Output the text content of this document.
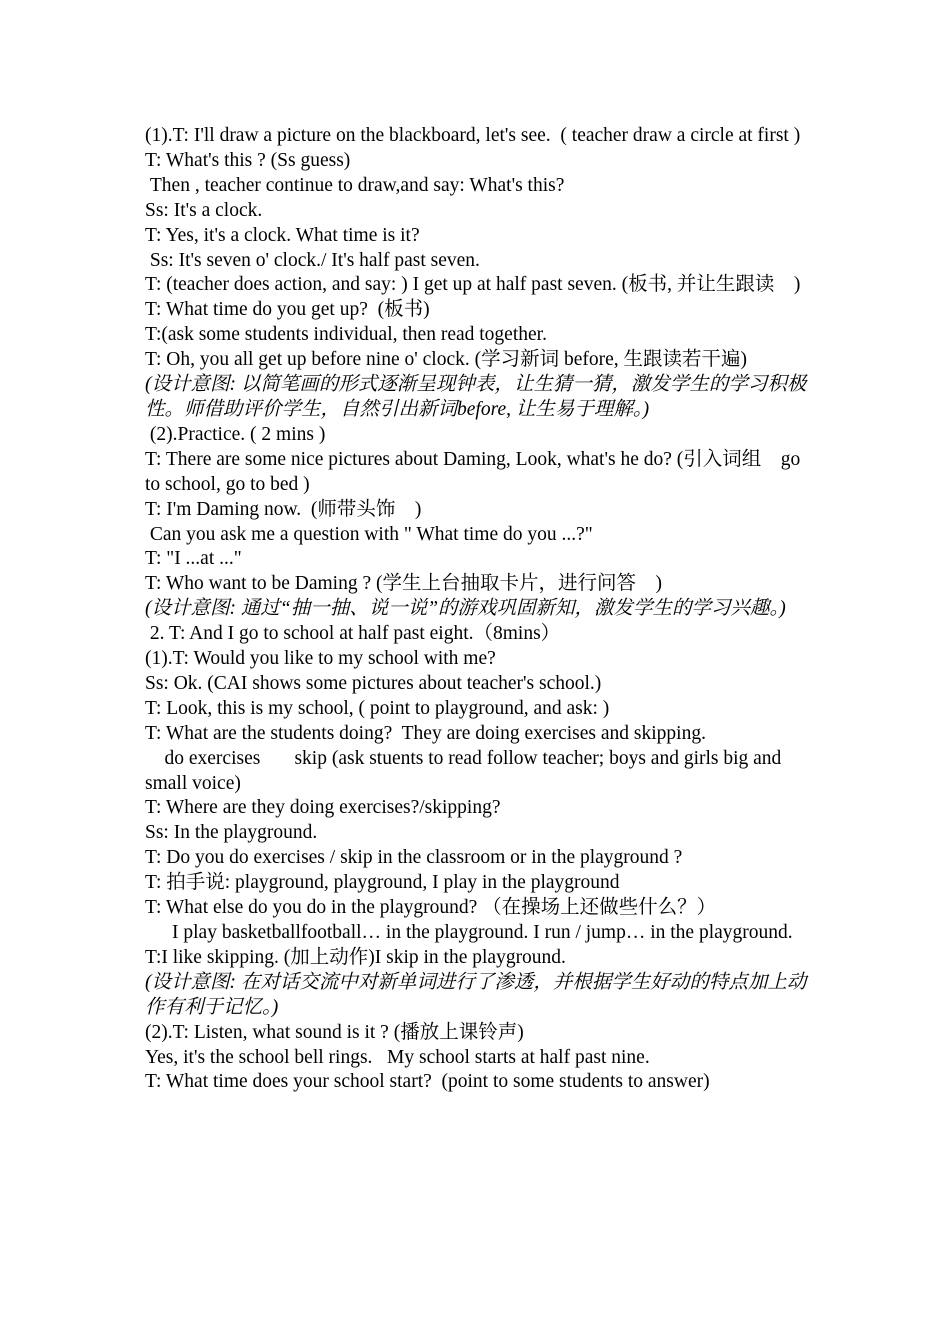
(1).T: I'll draw a picture on the blackboard, let's see.  ( teacher draw a circle at first )
T: What's this ? (Ss guess)
Then , teacher continue to draw,and say: What's this?
Ss: It's a clock.
T: Yes, it's a clock. What time is it?
Ss: It's seven o' clock./ It's half past seven.
T: (teacher does action, and say: ) I get up at half past seven. (板书, 并让生跟读    )
T: What time do you get up?  (板书)
T:(ask some students individual, then read together.
T: Oh, you all get up before nine o' clock. (学习新词 before, 生跟读若干遍)
(设计意图: 以简笔画的形式逐渐呈现钟表，让生猜一猜，激发学生的学习积极性。师借助评价学生，自然引出新词before, 让生易于理解。)
(2).Practice. ( 2 mins )
T: There are some nice pictures about Daming, Look, what's he do? (引入词组    go to school, go to bed )
T: I'm Daming now.  (师带头饰    )
Can you ask me a question with " What time do you ...?"
T: "I ...at ..."
T: Who want to be Daming ? (学生上台抽取卡片，进行问答    )
(设计意图: 通过“抽一抽、说一说”的游戏巩固新知，激发学生的学习兴趣。)
2. T: And I go to school at half past eight.（8mins）
(1).T: Would you like to my school with me?
Ss: Ok. (CAI shows some pictures about teacher's school.)
T: Look, this is my school, ( point to playground, and ask: )
T: What are the students doing?  They are doing exercises and skipping.
do exercises       skip (ask stuents to read follow teacher; boys and girls big and small voice)
T: Where are they doing exercises?/skipping?
Ss: In the playground.
T: Do you do exercises / skip in the classroom or in the playground ?
T: 拍手说: playground, playground, I play in the playground
T: What else do you do in the playground? （在操场上还做些什么？）
I play basketballfootball… in the playground. I run / jump… in the playground.
T:I like skipping. (加上动作)I skip in the playground.
(设计意图: 在对话交流中对新单词进行了渗透，并根据学生好动的特点加上动作有利于记忆。)
(2).T: Listen, what sound is it ? (播放上课铃声)
Yes, it's the school bell rings.   My school starts at half past nine.
T: What time does your school start?  (point to some students to answer)
